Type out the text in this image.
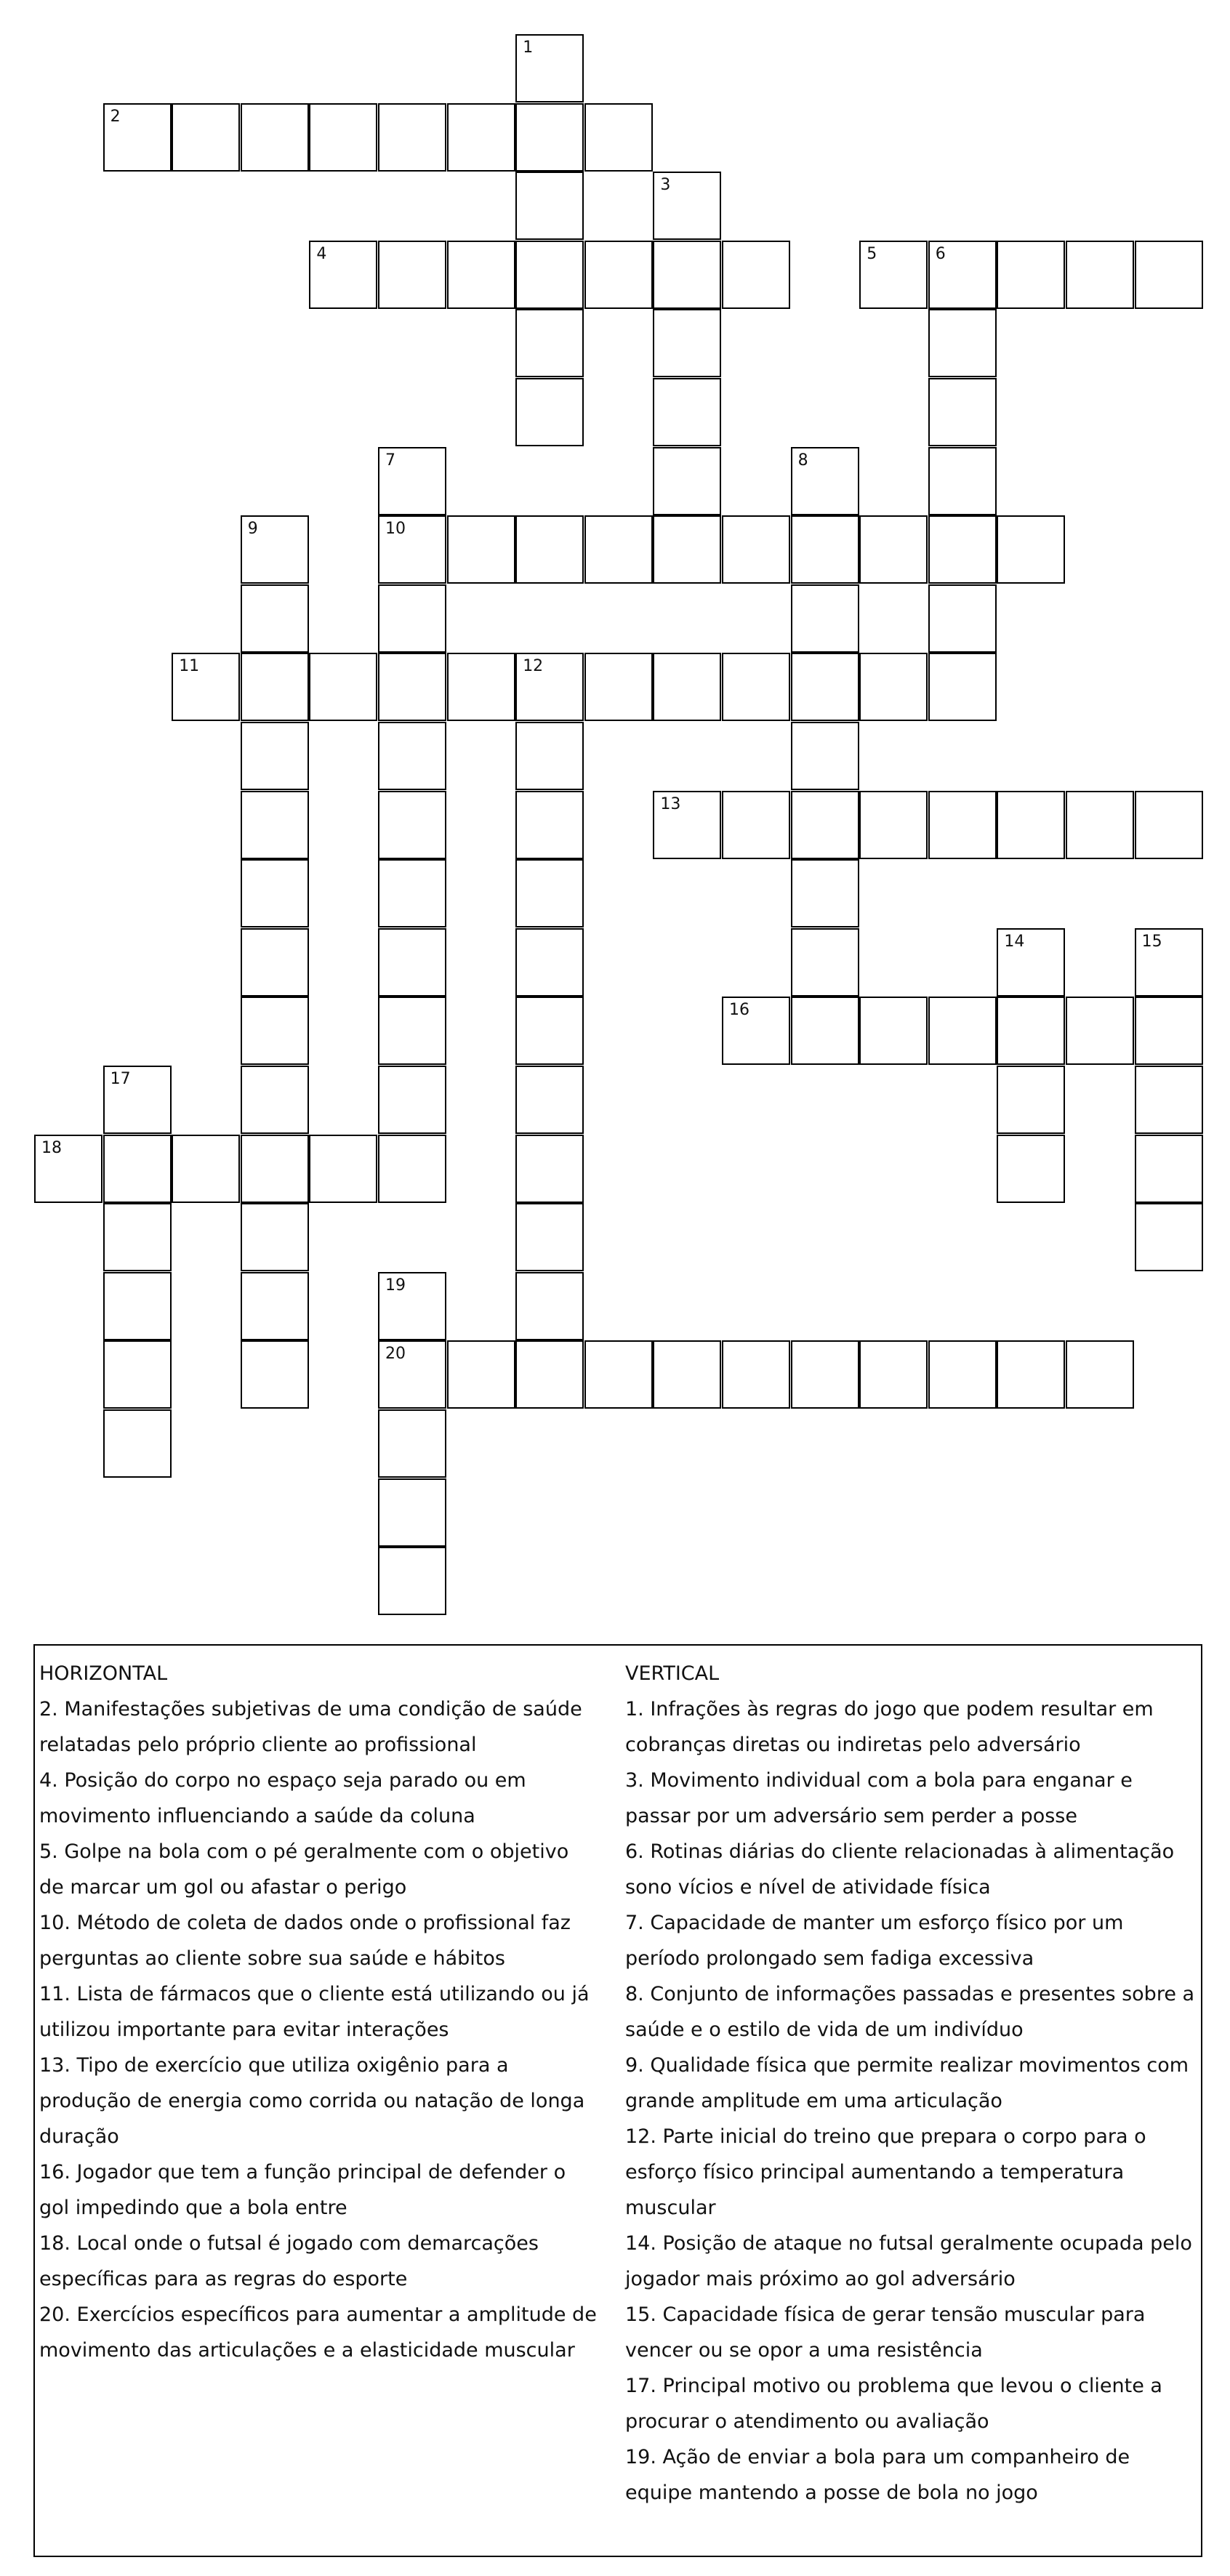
2
4	5	6
10
11	12
13
16
18
20
1
3
7	8
9
14	15
17
19
HORIZONTAL
2. Manifestações subjetivas de uma condição de saúde relatadas pelo próprio cliente ao profissional
4. Posição do corpo no espaço seja parado ou em movimento influenciando a saúde da coluna
5. Golpe na bola com o pé geralmente com o objetivo de marcar um gol ou afastar o perigo
10. Método de coleta de dados onde o profissional faz perguntas ao cliente sobre sua saúde e hábitos
11. Lista de fármacos que o cliente está utilizando ou já utilizou importante para evitar interações
13. Tipo de exercício que utiliza oxigênio para a produção de energia como corrida ou natação de longa duração
16. Jogador que tem a função principal de defender o gol impedindo que a bola entre
18. Local onde o futsal é jogado com demarcações específicas para as regras do esporte
20. Exercícios específicos para aumentar a amplitude de movimento das articulações e a elasticidade muscular
VERTICAL
1. Infrações às regras do jogo que podem resultar em cobranças diretas ou indiretas pelo adversário
3. Movimento individual com a bola para enganar e passar por um adversário sem perder a posse
6. Rotinas diárias do cliente relacionadas à alimentação sono vícios e nível de atividade física
7. Capacidade de manter um esforço físico por um período prolongado sem fadiga excessiva
8. Conjunto de informações passadas e presentes sobre a saúde e o estilo de vida de um indivíduo
9. Qualidade física que permite realizar movimentos com grande amplitude em uma articulação
12. Parte inicial do treino que prepara o corpo para o esforço físico principal aumentando a temperatura muscular
14. Posição de ataque no futsal geralmente ocupada pelo jogador mais próximo ao gol adversário
15. Capacidade física de gerar tensão muscular para vencer ou se opor a uma resistência
17. Principal motivo ou problema que levou o cliente a procurar o atendimento ou avaliação
19. Ação de enviar a bola para um companheiro de equipe mantendo a posse de bola no jogo
